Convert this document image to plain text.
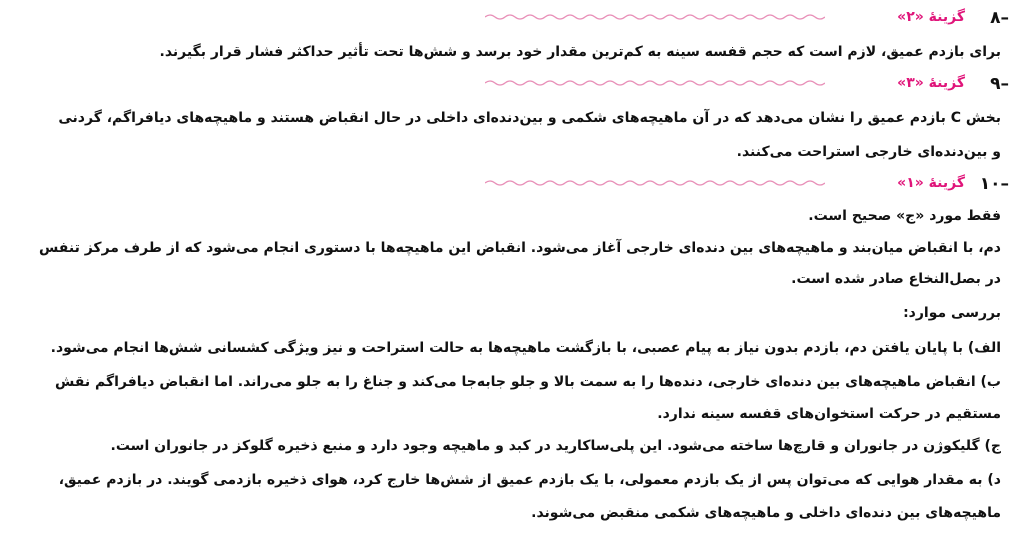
۸–
گزینهٔ «۲»
برای بازدم عمیق، لازم است که حجم قفسه سینه به کم‌ترین مقدار خود برسد و شش‌ها تحت تأثیر حداکثر فشار قرار بگیرند.
۹–
گزینهٔ «۳»
بخش C بازدم عمیق را نشان می‌دهد که در آن ماهیچه‌های شکمی و بین‌دنده‌ای داخلی در حال انقباض هستند و ماهیچه‌های دیافراگم، گردنی
و بین‌دنده‌ای خارجی استراحت می‌کنند.
۱۰–
گزینهٔ «۱»
فقط مورد «ج» صحیح است.
دم، با انقباض میان‌بند و ماهیچه‌های بین دنده‌ای خارجی آغاز می‌شود. انقباض این ماهیچه‌ها با دستوری انجام می‌شود که از طرف مرکز تنفس
در بصل‌النخاع صادر شده است.
بررسی موارد:
الف) با پایان یافتن دم، بازدم بدون نیاز به پیام عصبی، با بازگشت ماهیچه‌ها به حالت استراحت و نیز ویژگی کشسانی شش‌ها انجام می‌شود.
ب) انقباض ماهیچه‌های بین دنده‌ای خارجی، دنده‌ها را به سمت بالا و جلو جابه‌جا می‌کند و جناغ را به جلو می‌راند. اما انقباض دیافراگم نقش
مستقیم در حرکت استخوان‌های قفسه سینه ندارد.
ج) گلیکوژن در جانوران و قارچ‌ها ساخته می‌شود. این پلی‌ساکارید در کبد و ماهیچه وجود دارد و منبع ذخیره گلوکز در جانوران است.
د) به مقدار هوایی که می‌توان پس از یک بازدم معمولی، با یک بازدم عمیق از شش‌ها خارج کرد، هوای ذخیره بازدمی گویند. در بازدم عمیق،
ماهیچه‌های بین دنده‌ای داخلی و ماهیچه‌های شکمی منقبض می‌شوند.
